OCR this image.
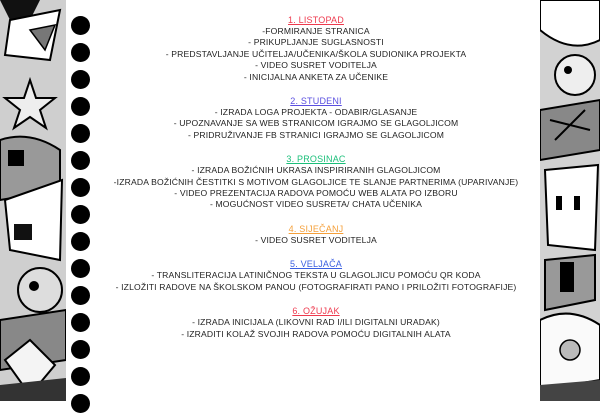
1. LISTOPAD

-FORMIRANJE STRANICA

- PRIKUPLJANJE SUGLASNOSTI

- PREDSTAVLJANJE UČITELJA/UČENIKA/ŠKOLA SUDIONIKA PROJEKTA

- VIDEO SUSRET VODITELJA

- INICIJALNA ANKETA ZA UČENIKE

2. STUDENI

- IZRADA LOGA PROJEKTA - ODABIR/GLASANJE

- UPOZNAVANJE SA WEB STRANICOM IGRAJMO SE GLAGOLJICOM

- PRIDRUŽIVANJE FB STRANICI IGRAJMO SE GLAGOLJICOM

3. PROSINAC

- IZRADA BOŽIĆNIH UKRASA INSPIRIRANIH GLAGOLJICOM

-IZRADA BOŽIĆNIH ČESTITKI S MOTIVOM GLAGOLJICE TE SLANJE PARTNERIMA (UPARIVANJE)

- VIDEO PREZENTACIJA RADOVA POMOĆU WEB ALATA PO IZBORU

- MOGUĆNOST VIDEO SUSRETA/ CHATA UČENIKA

4. SIJEČANJ

- VIDEO SUSRET VODITELJA

5. VELJAČA

- TRANSLITERACIJA LATINIČNOG TEKSTA U GLAGOLJICU POMOĆU QR KODA

- IZLOŽITI RADOVE NA ŠKOLSKOM PANOU (FOTOGRAFIRATI PANO I PRILOŽITI FOTOGRAFIJE)

6. OŽUJAK

- IZRADA INICIJALA (LIKOVNI RAD I/ILI DIGITALNI URADAK)

- IZRADITI KOLAŽ SVOJIH RADOVA POMOĆU DIGITALNIH ALATA
